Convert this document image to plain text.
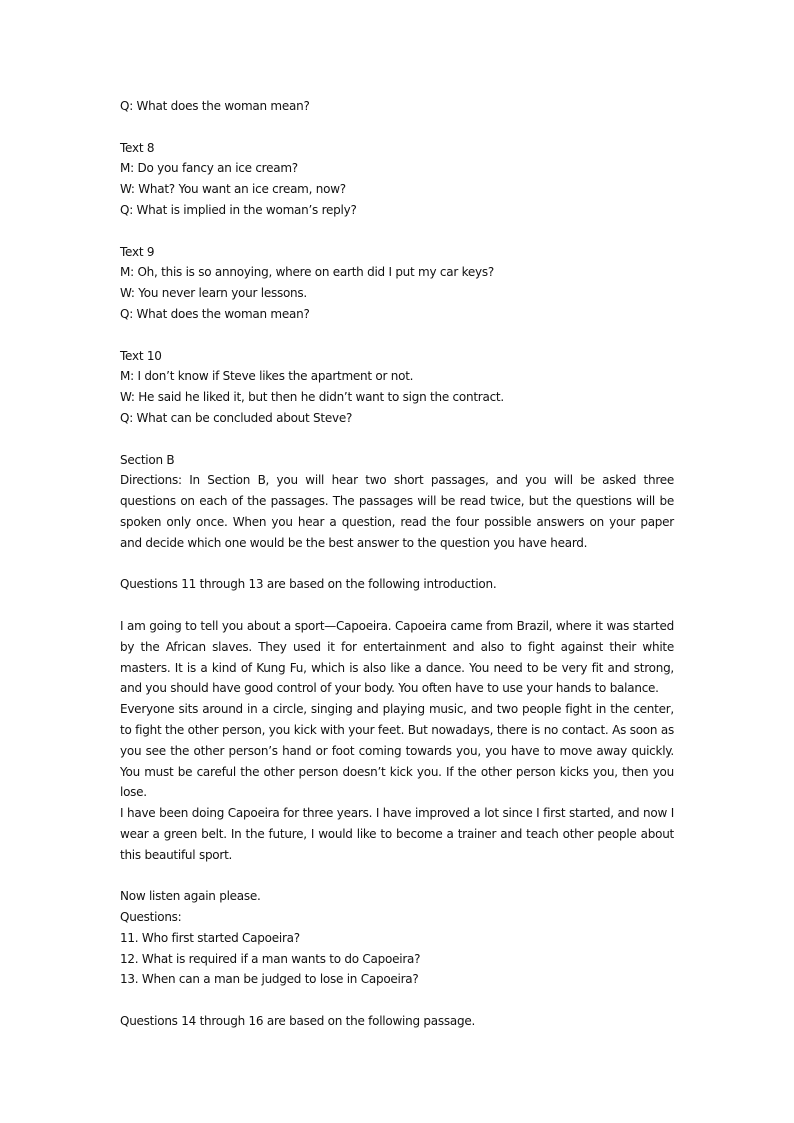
Q: What does the woman mean?
Text 8
M: Do you fancy an ice cream?
W: What? You want an ice cream, now?
Q: What is implied in the woman’s reply?
Text 9
M: Oh, this is so annoying, where on earth did I put my car keys?
W: You never learn your lessons.
Q: What does the woman mean?
Text 10
M: I don’t know if Steve likes the apartment or not.
W: He said he liked it, but then he didn’t want to sign the contract.
Q: What can be concluded about Steve?
Section B

Directions: In Section B, you will hear two short passages, and you will be asked three questions on each of the passages. The passages will be read twice, but the questions will be spoken only once. When you hear a question, read the four possible answers on your paper and decide which one would be the best answer to the question you have heard.

Questions 11 through 13 are based on the following introduction.

I am going to tell you about a sport—Capoeira. Capoeira came from Brazil, where it was started by the African slaves. They used it for entertainment and also to fight against their white masters. It is a kind of Kung Fu, which is also like a dance. You need to be very fit and strong, and you should have good control of your body. You often have to use your hands to balance.

Everyone sits around in a circle, singing and playing music, and two people fight in the center, to fight the other person, you kick with your feet. But nowadays, there is no contact. As soon as you see the other person’s hand or foot coming towards you, you have to move away quickly. You must be careful the other person doesn’t kick you. If the other person kicks you, then you lose.

I have been doing Capoeira for three years. I have improved a lot since I first started, and now I wear a green belt. In the future, I would like to become a trainer and teach other people about this beautiful sport.

Now listen again please.
Questions:
11. Who first started Capoeira?
12. What is required if a man wants to do Capoeira?
13. When can a man be judged to lose in Capoeira?
Questions 14 through 16 are based on the following passage.
